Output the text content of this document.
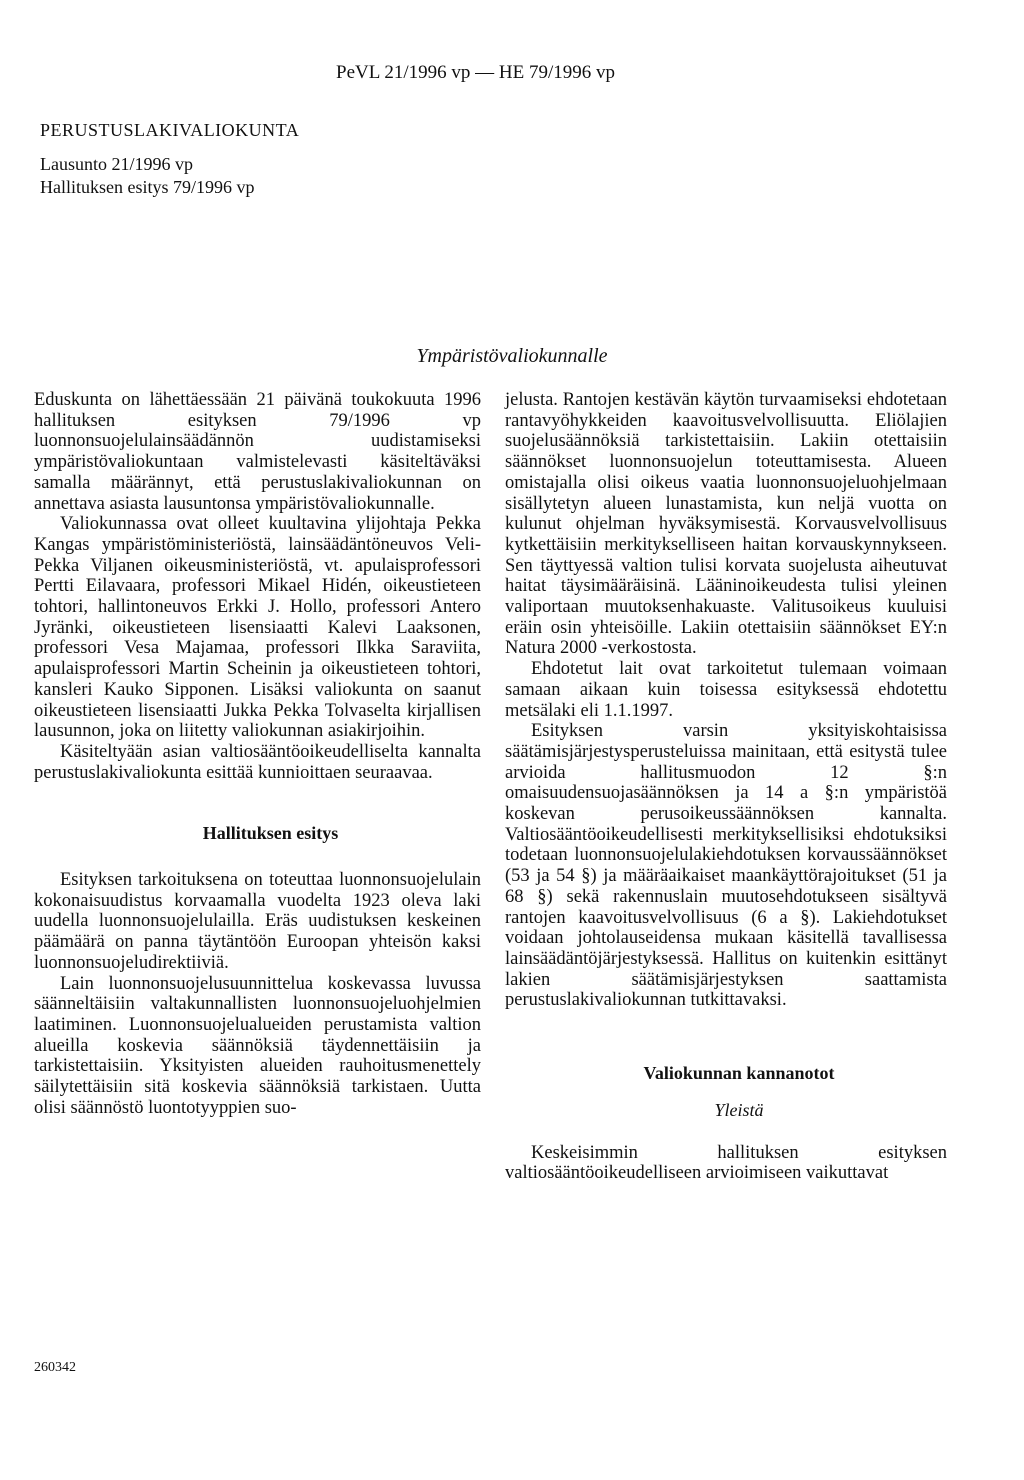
PeVL 21/1996 vp — HE 79/1996 vp
PERUSTUSLAKIVALIOKUNTA
Lausunto 21/1996 vp
Hallituksen esitys 79/1996 vp
Ympäristövaliokunnalle

Eduskunta on lähettäessään 21 päivänä toukokuuta 1996 hallituksen esityksen 79/1996 vp luonnonsuojelulainsäädännön uudistamiseksi ympäristövaliokuntaan valmistelevasti käsiteltäväksi samalla määrännyt, että perustuslakivaliokunnan on annettava asiasta lausuntonsa ympäristövaliokunnalle.

Valiokunnassa ovat olleet kuultavina ylijohtaja Pekka Kangas ympäristöministeriöstä, lainsäädäntöneuvos Veli-Pekka Viljanen oikeusministeriöstä, vt. apulaisprofessori Pertti Eilavaara, professori Mikael Hidén, oikeustieteen tohtori, hallintoneuvos Erkki J. Hollo, professori Antero Jyränki, oikeustieteen lisensiaatti Kalevi Laaksonen, professori Vesa Majamaa, professori Ilkka Saraviita, apulaisprofessori Martin Scheinin ja oikeustieteen tohtori, kansleri Kauko Sipponen. Lisäksi valiokunta on saanut oikeustieteen lisensiaatti Jukka Pekka Tolvaselta kirjallisen lausunnon, joka on liitetty valiokunnan asiakirjoihin.

Käsiteltyään asian valtiosääntöoikeudelliselta kannalta perustuslakivaliokunta esittää kunnioittaen seuraavaa.

Hallituksen esitys

Esityksen tarkoituksena on toteuttaa luonnonsuojelulain kokonaisuudistus korvaamalla vuodelta 1923 oleva laki uudella luonnonsuojelulailla. Eräs uudistuksen keskeinen päämäärä on panna täytäntöön Euroopan yhteisön kaksi luonnonsuojeludirektiiviä.

Lain luonnonsuojelusuunnittelua koskevassa luvussa säänneltäisiin valtakunnallisten luonnonsuojeluohjelmien laatiminen. Luonnonsuojelualueiden perustamista valtion alueilla koskevia säännöksiä täydennettäisiin ja tarkistettaisiin. Yksityisten alueiden rauhoitusmenettely säilytettäisiin sitä koskevia säännöksiä tarkistaen. Uutta olisi säännöstö luontotyyppien suo-

jelusta. Rantojen kestävän käytön turvaamiseksi ehdotetaan rantavyöhykkeiden kaavoitusvelvollisuutta. Eliölajien suojelusäännöksiä tarkistettaisiin. Lakiin otettaisiin säännökset luonnonsuojelun toteuttamisesta. Alueen omistajalla olisi oikeus vaatia luonnonsuojeluohjelmaan sisällytetyn alueen lunastamista, kun neljä vuotta on kulunut ohjelman hyväksymisestä. Korvausvelvollisuus kytkettäisiin merkitykselliseen haitan korvauskynnykseen. Sen täyttyessä valtion tulisi korvata suojelusta aiheutuvat haitat täysimääräisinä. Lääninoikeudesta tulisi yleinen valiportaan muutoksenhakuaste. Valitusoikeus kuuluisi eräin osin yhteisöille. Lakiin otettaisiin säännökset EY:n Natura 2000 -verkostosta.

Ehdotetut lait ovat tarkoitetut tulemaan voimaan samaan aikaan kuin toisessa esityksessä ehdotettu metsälaki eli 1.1.1997.

Esityksen varsin yksityiskohtaisissa säätämisjärjestysperusteluissa mainitaan, että esitystä tulee arvioida hallitusmuodon 12 §:n omaisuudensuojasäännöksen ja 14 a §:n ympäristöä koskevan perusoikeussäännöksen kannalta. Valtiosääntöoikeudellisesti merkityksellisiksi ehdotuksiksi todetaan luonnonsuojelulakiehdotuksen korvaussäännökset (53 ja 54 §) ja määräaikaiset maankäyttörajoitukset (51 ja 68 §) sekä rakennuslain muutosehdotukseen sisältyvä rantojen kaavoitusvelvollisuus (6 a §). Lakiehdotukset voidaan johtolauseidensa mukaan käsitellä tavallisessa lainsäädäntöjärjestyksessä. Hallitus on kuitenkin esittänyt lakien säätämisjärjestyksen saattamista perustuslakivaliokunnan tutkittavaksi.

Valiokunnan kannanotot

Yleistä

Keskeisimmin hallituksen esityksen valtiosääntöoikeudelliseen arvioimiseen vaikuttavat

260342
